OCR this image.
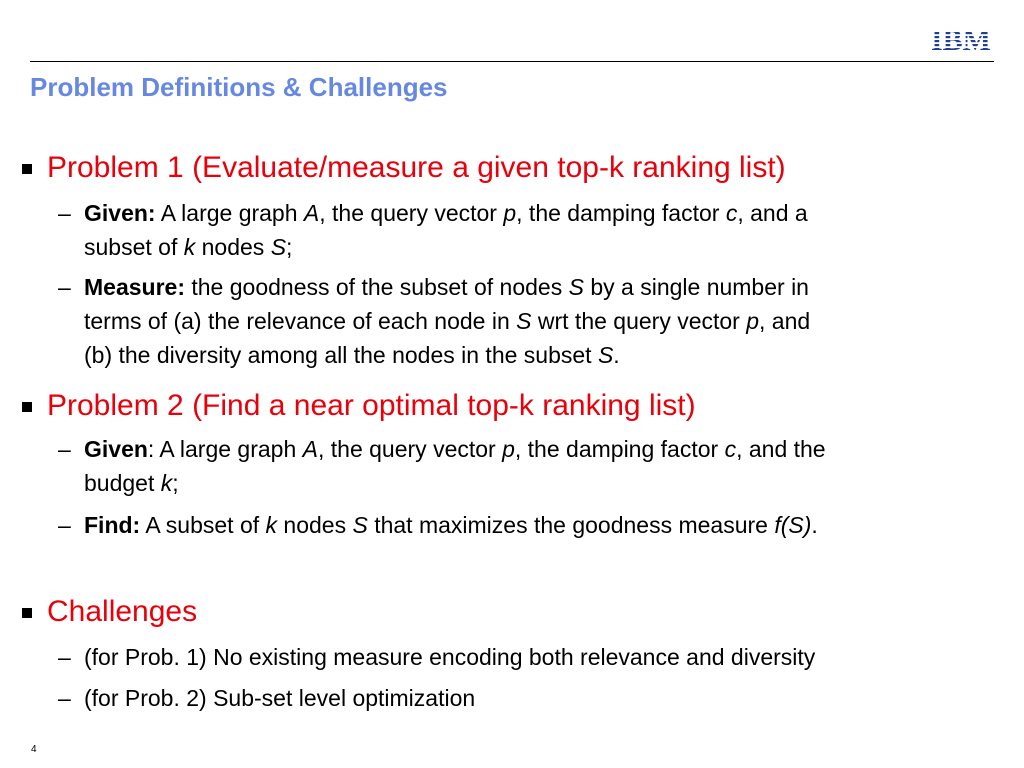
IBM
Problem Definitions & Challenges
Problem 1 (Evaluate/measure a given top-k ranking list)
– Given: A large graph A, the query vector p, the damping factor c, and a
subset of k nodes S;
– Measure: the goodness of the subset of nodes S by a single number in
terms of (a) the relevance of each node in S wrt the query vector p, and
(b) the diversity among all the nodes in the subset S.
Problem 2 (Find a near optimal top-k ranking list)
– Given: A large graph A, the query vector p, the damping factor c, and the
budget k;
– Find: A subset of k nodes S that maximizes the goodness measure f(S).
Challenges
– (for Prob. 1) No existing measure encoding both relevance and diversity
– (for Prob. 2) Sub-set level optimization
4
